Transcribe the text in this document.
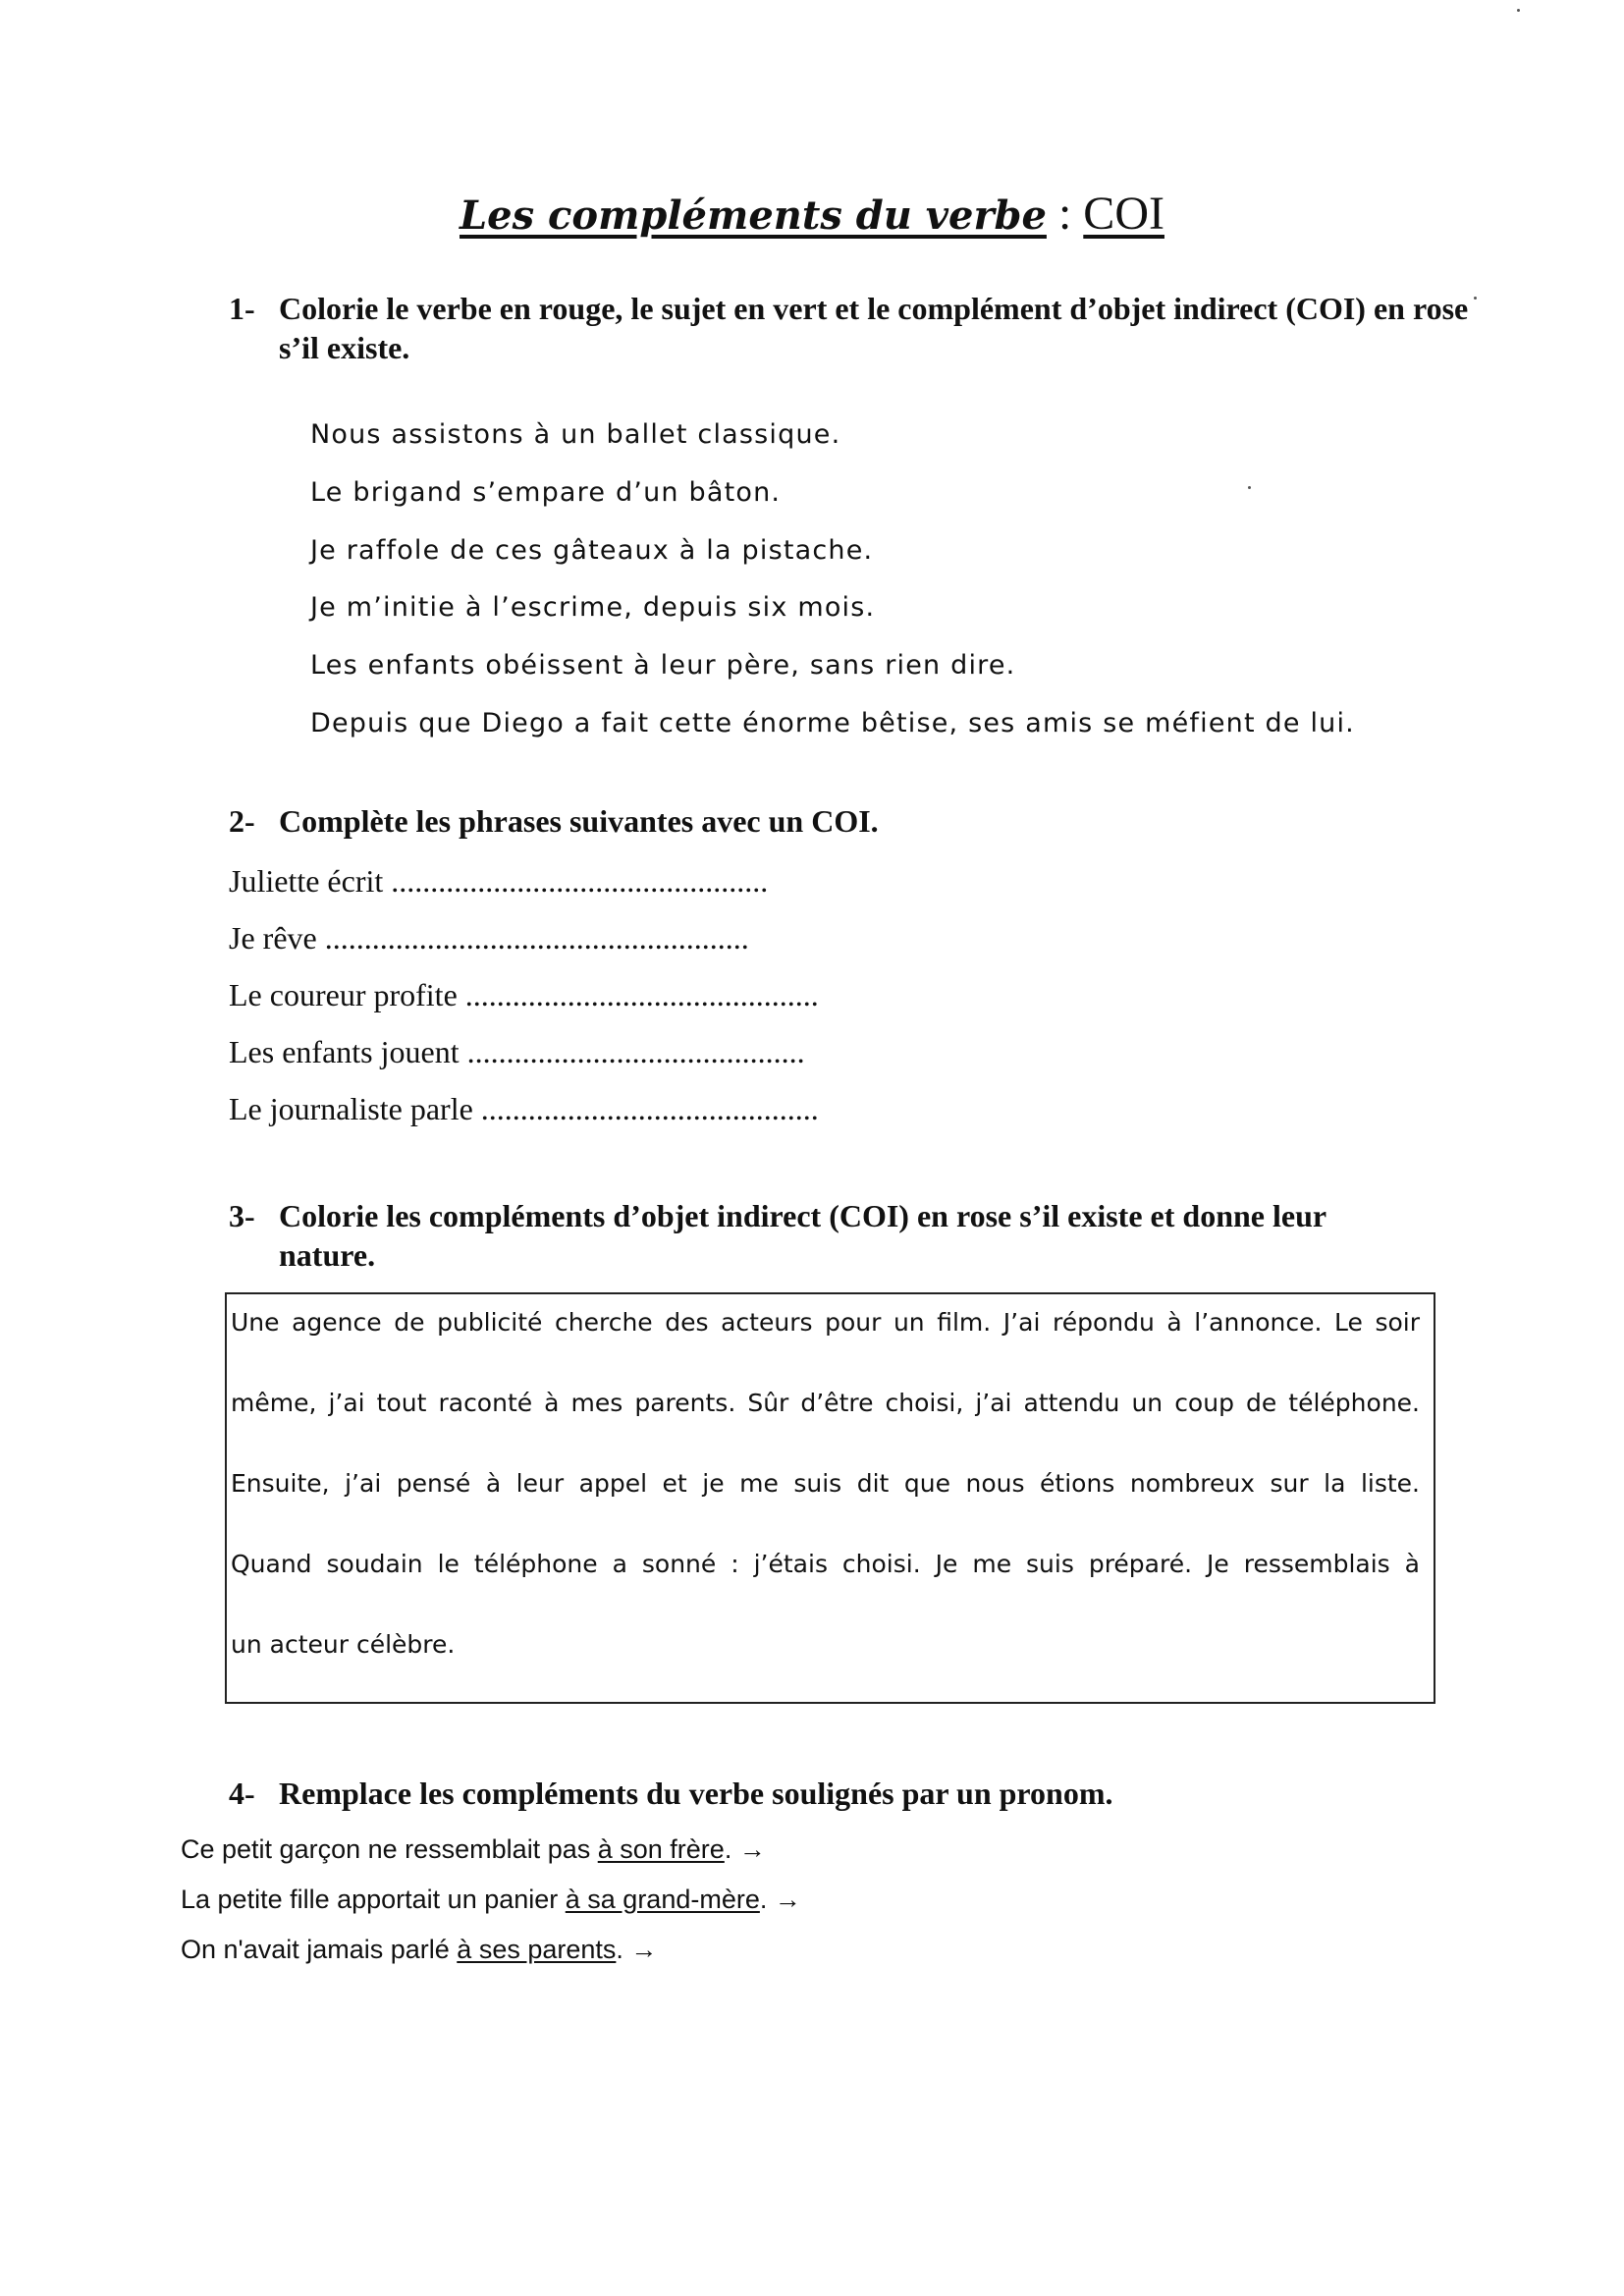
Les compléments du verbe : COI
1- Colorie le verbe en rouge, le sujet en vert et le complément d’objet indirect (COI) en rose s’il existe.
Nous assistons à un ballet classique.
Le brigand s’empare d’un bâton.
Je raffole de ces gâteaux à la pistache.
Je m’initie à l’escrime, depuis six mois.
Les enfants obéissent à leur père, sans rien dire.
Depuis que Diego a fait cette énorme bêtise, ses amis se méfient de lui.
2- Complète les phrases suivantes avec un COI.
Juliette écrit ................................................
Je rêve ......................................................
Le coureur profite .............................................
Les enfants jouent ...........................................
Le journaliste parle ...........................................
3- Colorie les compléments d’objet indirect (COI) en rose s’il existe et donne leur nature.
Une agence de publicité cherche des acteurs pour un film. J’ai répondu à l’annonce. Le soir
même, j’ai tout raconté à mes parents. Sûr d’être choisi, j’ai attendu un coup de téléphone.
Ensuite, j’ai pensé à leur appel et je me suis dit que nous étions nombreux sur la liste.
Quand soudain le téléphone a sonné : j’étais choisi. Je me suis préparé. Je ressemblais à
un acteur célèbre.
4- Remplace les compléments du verbe soulignés par un pronom.
Ce petit garçon ne ressemblait pas à son frère. →
La petite fille apportait un panier à sa grand-mère. →
On n'avait jamais parlé à ses parents. →
